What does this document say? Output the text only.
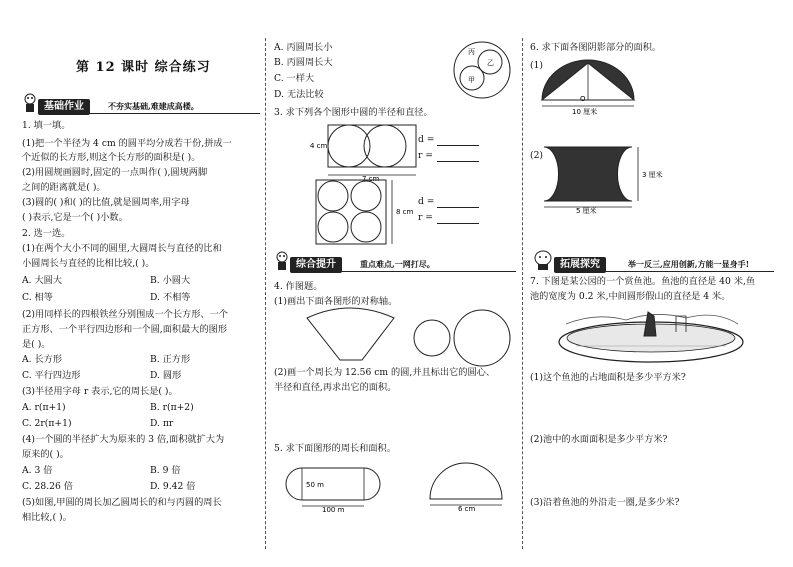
第 12 课时 综合练习
基础作业	不夯实基础,难建成高楼。
1. 填一填。
(1)把一个半径为 4 cm 的圆平均分成若干份,拼成一
个近似的长方形,则这个长方形的面积是( )。
(2)用圆规画圆时,固定的一点叫作( ),圆规两脚
之间的距离就是( )。
(3)圆的( )和( )的比值,就是圆周率,用字母
( )表示,它是一个( )小数。
2. 选一选。
(1)在两个大小不同的圆里,大圆周长与直径的比和
小圆周长与直径的比相比较,( )。
A. 大圆大	B. 小圆大
C. 相等	D. 不相等
(2)用同样长的四根铁丝分别围成一个长方形、一个
正方形、一个平行四边形和一个圆,面积最大的图形
是( )。
A. 长方形	B. 正方形
C. 平行四边形	D. 圆形
(3)半径用字母 r 表示,它的周长是( )。
A. r(π+1)	B. r(π+2)
C. 2r(π+1)	D. πr
(4)一个圆的半径扩大为原来的 3 倍,面积就扩大为
原来的( )。
A. 3 倍	B. 9 倍
C. 28.26 倍	D. 9.42 倍
(5)如图,甲圆的周长加乙圆周长的和与丙圆的周长
相比较,( )。
A. 丙圆周长小
B. 丙圆周长大
C. 一样大
D. 无法比较
丙
乙
甲
3. 求下列各个图形中圆的半径和直径。
4 cm
7 cm
d =
r =
8 cm
d =
r =
综合提升	重点难点,一网打尽。
4. 作图题。
(1)画出下面各图形的对称轴。
(2)画一个周长为 12.56 cm 的圆,并且标出它的圆心、
半径和直径,再求出它的面积。
5. 求下面图形的周长和面积。
50 m
100 m	6 cm
6. 求下面各图阴影部分的面积。
(1)
O
10 厘米
(2)
3 厘米
5 厘米
拓展探究	举一反三,应用创新,方能一显身手!
7. 下图是某公园的一个赏鱼池。鱼池的直径是 40 米,鱼
池的宽度为 0.2 米,中间圆形假山的直径是 4 米。
(1)这个鱼池的占地面积是多少平方米?
(2)池中的水面面积是多少平方米?
(3)沿着鱼池的外沿走一圈,是多少米?
